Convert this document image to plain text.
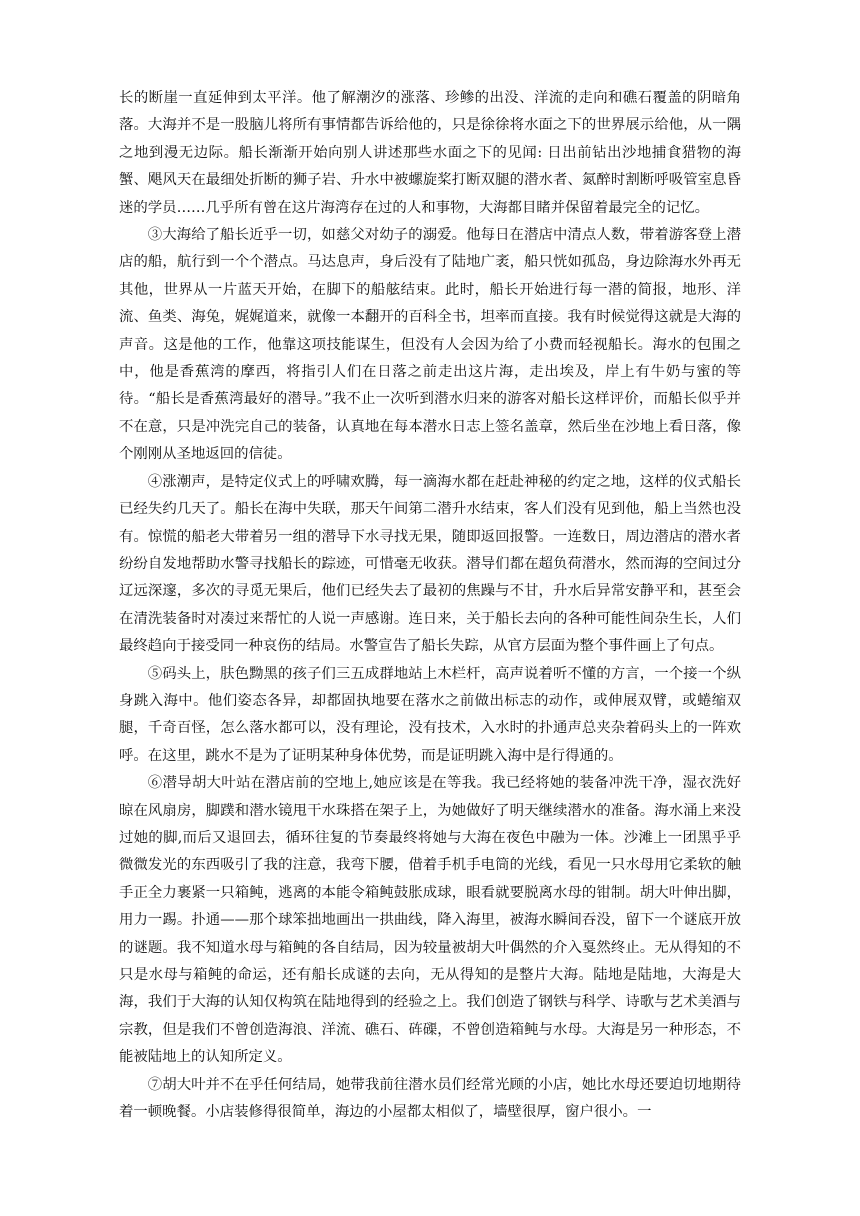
长的断崖一直延伸到太平洋。他了解潮汐的涨落、珍鲹的出没、洋流的走向和礁石覆盖的阴暗角落。大海并不是一股脑儿将所有事情都告诉给他的，只是徐徐将水面之下的世界展示给他，从一隅之地到漫无边际。船长渐渐开始向别人讲述那些水面之下的见闻: 日出前钻出沙地捕食猎物的海蟹、飓风天在最细处折断的狮子岩、升水中被螺旋桨打断双腿的潜水者、氮醉时割断呼吸管室息昏迷的学员……几乎所有曾在这片海湾存在过的人和事物，大海都目睹并保留着最完全的记忆。

③大海给了船长近乎一切，如慈父对幼子的溺爱。他每日在潜店中清点人数，带着游客登上潜店的船，航行到一个个潜点。马达息声，身后没有了陆地广袤，船只恍如孤岛，身边除海水外再无其他，世界从一片蓝天开始，在脚下的船舷结束。此时，船长开始进行每一潜的简报，地形、洋流、鱼类、海兔，娓娓道来，就像一本翻开的百科全书，坦率而直接。我有时候觉得这就是大海的声音。这是他的工作，他靠这项技能谋生，但没有人会因为给了小费而轻视船长。海水的包围之中，他是香蕉湾的摩西，将指引人们在日落之前走出这片海，走出埃及，岸上有牛奶与蜜的等待。“船长是香蕉湾最好的潜导。”我不止一次听到潜水归来的游客对船长这样评价，而船长似乎并不在意，只是冲洗完自己的装备，认真地在每本潜水日志上签名盖章，然后坐在沙地上看日落，像个刚刚从圣地返回的信徒。

④涨潮声，是特定仪式上的呼啸欢腾，每一滴海水都在赶赴神秘的约定之地，这样的仪式船长已经失约几天了。船长在海中失联，那天午间第二潜升水结束，客人们没有见到他，船上当然也没有。惊慌的船老大带着另一组的潜导下水寻找无果，随即返回报警。一连数日，周边潜店的潜水者纷纷自发地帮助水警寻找船长的踪迹，可惜毫无收获。潜导们都在超负荷潜水，然而海的空间过分辽远深邃，多次的寻觅无果后，他们已经失去了最初的焦躁与不甘，升水后异常安静平和，甚至会在清洗装备时对凑过来帮忙的人说一声感谢。连日来，关于船长去向的各种可能性间杂生长，人们最终趋向于接受同一种哀伤的结局。水警宣告了船长失踪，从官方层面为整个事件画上了句点。

⑤码头上，肤色黝黑的孩子们三五成群地站上木栏杆，高声说着听不懂的方言，一个接一个纵身跳入海中。他们姿态各异，却都固执地要在落水之前做出标志的动作，或伸展双臂，或蜷缩双腿，千奇百怪，怎么落水都可以，没有理论，没有技术，入水时的扑通声总夹杂着码头上的一阵欢呼。在这里，跳水不是为了证明某种身体优势，而是证明跳入海中是行得通的。

⑥潜导胡大叶站在潜店前的空地上,她应该是在等我。我已经将她的装备冲洗干净，湿衣洗好晾在风扇房，脚蹼和潜水镜甩干水珠搭在架子上，为她做好了明天继续潜水的准备。海水涌上来没过她的脚,而后又退回去，循环往复的节奏最终将她与大海在夜色中融为一体。沙滩上一团黑乎乎微微发光的东西吸引了我的注意，我弯下腰，借着手机手电筒的光线，看见一只水母用它柔软的触手正全力裹紧一只箱鲀，逃离的本能令箱鲀鼓胀成球，眼看就要脱离水母的钳制。胡大叶伸出脚，用力一踢。扑通——那个球笨拙地画出一拱曲线，降入海里，被海水瞬间吞没，留下一个谜底开放的谜题。我不知道水母与箱鲀的各自结局，因为较量被胡大叶偶然的介入戛然终止。无从得知的不只是水母与箱鲀的命运，还有船长成谜的去向，无从得知的是整片大海。陆地是陆地，大海是大海，我们于大海的认知仅构筑在陆地得到的经验之上。我们创造了钢铁与科学、诗歌与艺术美酒与宗教，但是我们不曾创造海浪、洋流、礁石、砗磲，不曾创造箱鲀与水母。大海是另一种形态，不能被陆地上的认知所定义。

⑦胡大叶并不在乎任何结局，她带我前往潜水员们经常光顾的小店，她比水母还要迫切地期待着一顿晚餐。小店装修得很简单，海边的小屋都太相似了，墙壁很厚，窗户很小。一
